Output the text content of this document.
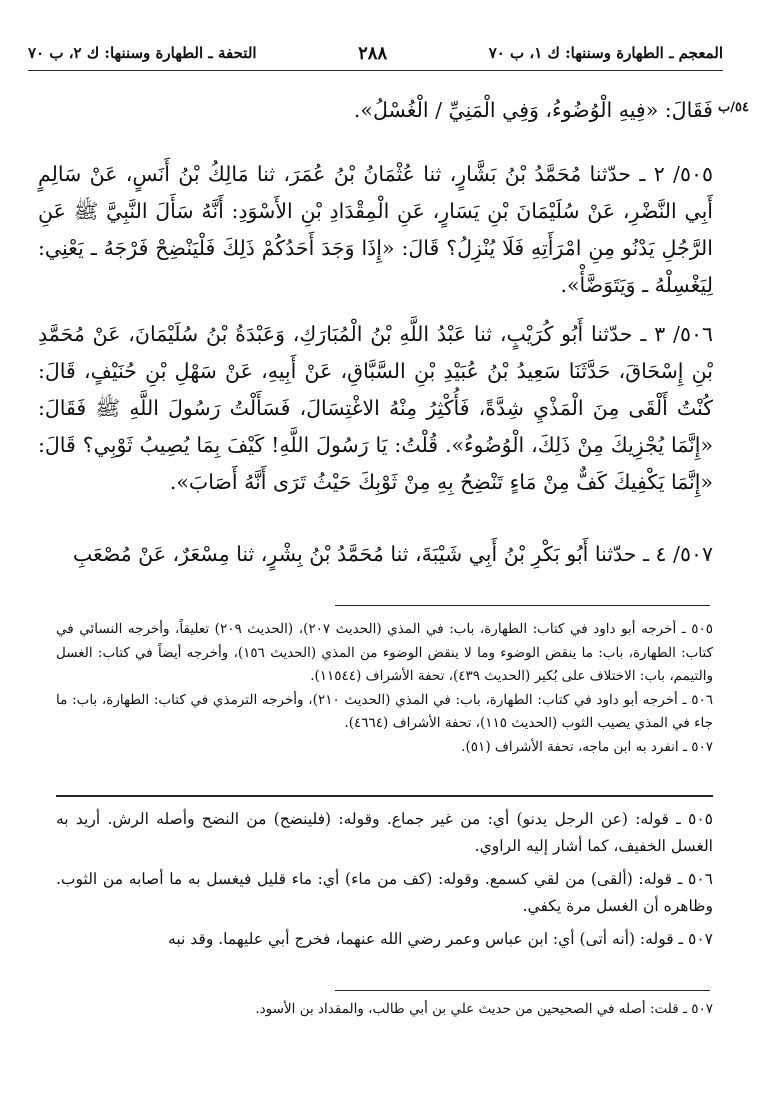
المعجم ـ الطهارة وسننها: ك ١، ب ٧٠
٢٨٨
التحفة ـ الطهارة وسننها: ك ٢، ب ٧٠
٥٤/ب

فَقَالَ: «فِيهِ الْوُضُوءُ، وَفِي الْمَنِيِّ / الْغُسْلُ».

٥٠٥/ ٢ ـ حدّثنا مُحَمَّدُ بْنُ بَشَّارٍ، ثنا عُثْمَانُ بْنُ عُمَرَ، ثنا مَالِكُ بْنُ أَنَسٍ، عَنْ سَالِمٍ أَبِي النَّضْرِ، عَنْ سُلَيْمَانَ بْنِ يَسَارٍ، عَنِ الْمِقْدَادِ بْنِ الأَسْوَدِ: أَنَّهُ سَأَلَ النَّبِيَّ ﷺ عَنِ الرَّجُلِ يَدْنُو مِنِ امْرَأَتِهِ فَلَا يُنْزِلُ؟ قَالَ: «إِذَا وَجَدَ أَحَدُكُمْ ذَلِكَ فَلْيَنْضِحْ فَرْجَهُ ـ يَعْنِي: لِيَغْسِلْهُ ـ وَيَتَوَضَّأْ».

٥٠٦/ ٣ ـ حدّثنا أَبُو كُرَيْبٍ، ثنا عَبْدُ اللَّهِ بْنُ الْمُبَارَكِ، وَعَبْدَةُ بْنُ سُلَيْمَانَ، عَنْ مُحَمَّدِ بْنِ إِسْحَاقَ، حَدَّثَنَا سَعِيدُ بْنُ عُبَيْدِ بْنِ السَّبَّاقِ، عَنْ أَبِيهِ، عَنْ سَهْلِ بْنِ حُنَيْفٍ، قَالَ: كُنْتُ أَلْقَى مِنَ الْمَذْيِ شِدَّةً، فَأُكْثِرُ مِنْهُ الاغْتِسَالَ، فَسَأَلْتُ رَسُولَ اللَّهِ ﷺ فَقَالَ: «إِنَّمَا يُجْزِيكَ مِنْ ذَلِكَ، الْوُضُوءُ». قُلْتُ: يَا رَسُولَ اللَّهِ! كَيْفَ بِمَا يُصِيبُ ثَوْبِي؟ قَالَ: «إِنَّمَا يَكْفِيكَ كَفٌّ مِنْ مَاءٍ تَنْضِحُ بِهِ مِنْ ثَوْبِكَ حَيْثُ تَرَى أَنَّهُ أَصَابَ».

٥٠٧/ ٤ ـ حدّثنا أَبُو بَكْرِ بْنُ أَبِي شَيْبَةَ، ثنا مُحَمَّدُ بْنُ بِشْرٍ، ثنا مِسْعَرٌ، عَنْ مُصْعَبِ

٥٠٥ ـ أخرجه أبو داود في كتاب: الطهارة، باب: في المذي (الحديث ٢٠٧)، (الحديث ٢٠٩) تعليقاً، وأخرجه النسائي في كتاب: الطهارة، باب: ما ينقض الوضوء وما لا ينقض الوضوء من المذي (الحديث ١٥٦)، وأخرجه أيضاً في كتاب: الغسل والتيمم، باب: الاختلاف على بُكير (الحديث ٤٣٩)، تحفة الأشراف (١١٥٤٤).

٥٠٦ ـ أخرجه أبو داود في كتاب: الطهارة، باب: في المذي (الحديث ٢١٠)، وأخرجه الترمذي في كتاب: الطهارة، باب: ما جاء في المذي يصيب الثوب (الحديث ١١٥)، تحفة الأشراف (٤٦٦٤).

٥٠٧ ـ انفرد به ابن ماجه، تحفة الأشراف (٥١).

٥٠٥ ـ قوله: (عن الرجل يدنو) أي: من غير جماع. وقوله: (فلينضح) من النضح وأصله الرش. أريد به الغسل الخفيف، كما أشار إليه الراوي.

٥٠٦ ـ قوله: (ألقى) من لقي كسمع. وقوله: (كف من ماء) أي: ماء قليل فيغسل به ما أصابه من الثوب. وظاهره أن الغسل مرة يكفي.

٥٠٧ ـ قوله: (أنه أتى) أي: ابن عباس وعمر رضي الله عنهما، فخرج أبي عليهما. وقد نبه

٥٠٧ ـ قلت: أصله في الصحيحين من حديث علي بن أبي طالب، والمقداد بن الأسود.
